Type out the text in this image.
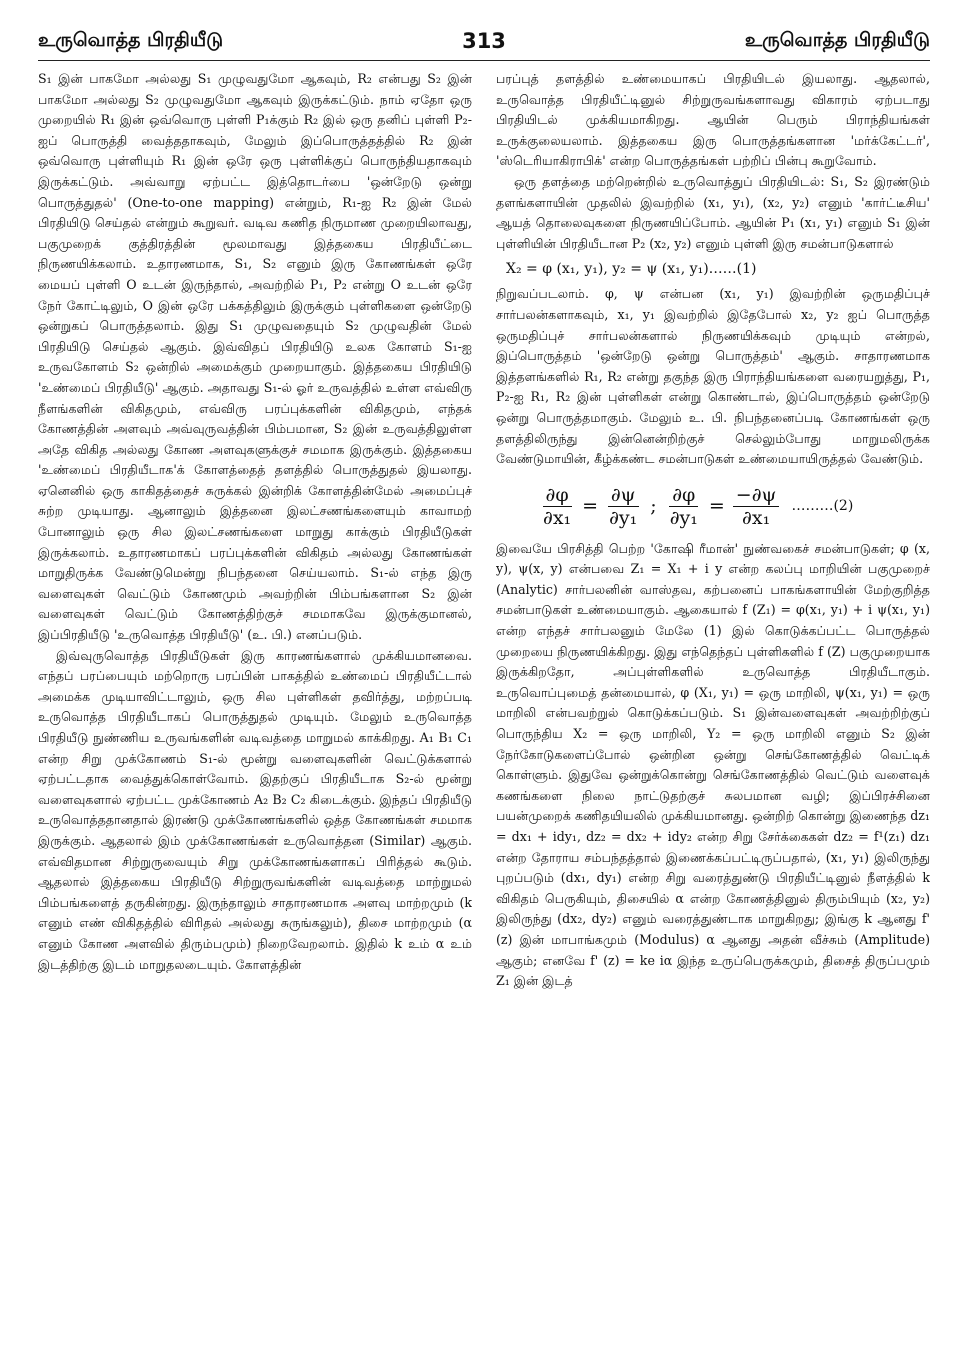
உருவொத்த பிரதியீடு	313	உருவொத்த பிரதியீடு

S₁ இன் பாகமோ அல்லது S₁ முழுவதுமோ ஆகவும், R₂ என்பது S₂ இன் பாகமோ அல்லது S₂ முழுவதுமோ ஆகவும் இருக்கட்டும். நாம் ஏதோ ஒரு முறையில் R₁ இன் ஒவ்வொரு புள்ளி P₁க்கும் R₂ இல் ஒரு தனிப் புள்ளி P₂-ஐப் பொருத்தி வைத்ததாகவும், மேலும் இப்பொருத்தத்தில் R₂ இன் ஒவ்வொரு புள்ளியும் R₁ இன் ஒரே ஒரு புள்ளிக்குப் பொருந்தியதாகவும் இருக்கட்டும். அவ்வாறு ஏற்பட்ட இத்தொடர்பை 'ஒன்றேடு ஒன்று பொருத்துதல்' (One-to-one mapping) என்றும், R₁-ஐ R₂ இன் மேல் பிரதியிடு செய்தல் என்றும் கூறுவர். வடிவ கணித நிருமாண முறையிலாவது, பகுமுறைக் குத்திரத்தின் மூலமாவது இத்தகைய பிரதியீட்டை நிருணயிக்கலாம். உதாரணமாக, S₁, S₂ எனும் இரு கோணங்கள் ஒரே மையப் புள்ளி O உடன் இருந்தால், அவற்றில் P₁, P₂ என்று O உடன் ஒரே நேர் கோட்டிலும், O இன் ஒரே பக்கத்திலும் இருக்கும் புள்ளிகளை ஒன்றேடு ஒன்றுகப் பொருத்தலாம். இது S₁ முழுவதையும் S₂ முழுவதின் மேல் பிரதியிடு செய்தல் ஆகும். இவ்விதப் பிரதியிடு உலக கோளம் S₁-ஐ உருவகோளம் S₂ ஒன்றில் அமைக்கும் முறையாகும். இத்தகைய பிரதியிடு 'உண்மைப் பிரதியீடு' ஆகும். அதாவது S₁-ல் ஓர் உருவத்தில் உள்ள எவ்விரு நீளங்களின் விகிதமும், எவ்விரு பரப்புக்களின் விகிதமும், எந்தக் கோணத்தின் அளவும் அவ்வுருவத்தின் பிம்பமான, S₂ இன் உருவத்திலுள்ள அதே விகித அல்லது கோண அளவுகளுக்குச் சமமாக இருக்கும். இத்தகைய 'உண்மைப் பிரதியீடாக'க் கோளத்தைத் தளத்தில் பொருத்துதல் இயலாது. ஏனெனில் ஒரு காகிதத்தைச் சுருக்கல் இன்றிக் கோளத்தின்மேல் அமைப்புச் சுற்ற முடியாது. ஆனாலும் இத்தனை இலட்சணங்களையும் காவாமற் போனாலும் ஒரு சில இலட்சணங்களை மாறுது காக்கும் பிரதியீடுகள் இருக்கலாம். உதாரணமாகப் பரப்புக்களின் விகிதம் அல்லது கோணங்கள் மாறுதிருக்க வேண்டுமென்று நிபந்தனை செய்யலாம். S₁-ல் எந்த இரு வளைவுகள் வெட்டும் கோணமும் அவற்றின் பிம்பங்களான S₂ இன் வளைவுகள் வெட்டும் கோணத்திற்குச் சமமாகவே இருக்குமானல், இப்பிரதியீடு 'உருவொத்த பிரதியீடு' (உ. பி.) எனப்படும்.

இவ்வுருவொத்த பிரதியீடுகள் இரு காரணங்களால் முக்கியமானவை. எந்தப் பரப்பையும் மற்றொரு பரப்பின் பாகத்தில் உண்மைப் பிரதியீட்டால் அமைக்க முடியாவிட்டாலும், ஒரு சில புள்ளிகள் தவிர்த்து, மற்றப்படி உருவொத்த பிரதியீடாகப் பொருத்துதல் முடியும். மேலும் உருவொத்த பிரதியீடு நுண்ணிய உருவங்களின் வடிவத்தை மாறுமல் காக்கிறது. A₁ B₁ C₁ என்ற சிறு முக்கோணம் S₁-ல் மூன்று வளைவுகளின் வெட்டுக்களால் ஏற்பட்டதாக வைத்துக்கொள்வோம். இதற்குப் பிரதியீடாக S₂-ல் மூன்று வளைவுகளால் ஏற்பட்ட முக்கோணம் A₂ B₂ C₂ கிடைக்கும். இந்தப் பிரதியீடு உருவொத்ததானதால் இரண்டு முக்கோணங்களில் ஒத்த கோணங்கள் சமமாக இருக்கும். ஆதலால் இம் முக்கோணங்கள் உருவொத்தன (Similar) ஆகும். எவ்விதமான சிற்றுருவையும் சிறு முக்கோணங்களாகப் பிரித்தல் கூடும். ஆதலால் இத்தகைய பிரதியீடு சிற்றுருவங்களின் வடிவத்தை மாற்றுமல் பிம்பங்களைத் தருகின்றது. இருந்தாலும் சாதாரணமாக அளவு மாற்றமும் (k எனும் எண் விகிதத்தில் விரிதல் அல்லது சுருங்கலும்), திசை மாற்றமும் (α எனும் கோண அளவில் திரும்பமும்) நிறைவேறலாம். இதில் k உம் α உம் இடத்திற்கு இடம் மாறுதலடையும். கோளத்தின்

பரப்புத் தளத்தில் உண்மையாகப் பிரதியிடல் இயலாது. ஆதலால், உருவொத்த பிரதியீட்டினுல் சிற்றுருவங்களாவது விகாரம் ஏற்படாது பிரதியிடல் முக்கியமாகிறது. ஆயின் பெரும் பிராந்தியங்கள் உருக்குலையலாம். இத்தகைய இரு பொருத்தங்களான 'மர்க்கேட்டர்', 'ஸ்டெரியாகிராபிக்' என்ற பொருத்தங்கள் பற்றிப் பின்பு கூறுவோம்.

ஒரு தளத்தை மற்றென்றில் உருவொத்துப் பிரதியிடல்: S₁, S₂ இரண்டும் தளங்களாயின் முதலில் இவற்றில் (x₁, y₁), (x₂, y₂) எனும் 'கார்ட்டீசிய' ஆயத் தொலைவுகளை நிருணயிப்போம். ஆயின் P₁ (x₁, y₁) எனும் S₁ இன் புள்ளியின் பிரதியீடான P₂ (x₂, y₂) எனும் புள்ளி இரு சமன்பாடுகளால்

X₂ = φ (x₁, y₁), y₂ = ψ (x₁, y₁)……(1)

நிறுவப்படலாம். φ, ψ என்பன (x₁, y₁) இவற்றின் ஒருமதிப்புச் சார்பலன்களாகவும், x₁, y₁ இவற்றில் இதேபோல் x₂, y₂ ஐப் பொருத்த ஒருமதிப்புச் சார்பலன்களால் நிருணயிக்கவும் முடியும் என்றல், இப்பொருத்தம் 'ஒன்றேடு ஒன்று பொருத்தம்' ஆகும். சாதாரணமாக இத்தளங்களில் R₁, R₂ என்று தகுந்த இரு பிராந்தியங்களை வரையறுத்து, P₁, P₂-ஐ R₁, R₂ இன் புள்ளிகள் என்று கொண்டால், இப்பொருத்தம் ஒன்றேடு ஒன்று பொருத்தமாகும். மேலும் உ. பி. நிபந்தனைப்படி கோணங்கள் ஒரு தளத்திலிருந்து இன்னென்றிற்குச் செல்லும்போது மாறுமலிருக்க வேண்டுமாயின், கீழ்க்கண்ட சமன்பாடுகள் உண்மையாயிருத்தல் வேண்டும்.

$\frac{\partial\varphi}{\text{∂x₁}} = \frac{\partial\psi}{\text{∂y₁}}$ ; $\frac{\partial\varphi}{\text{∂y₁}} = \frac{-\partial\psi}{\text{∂x₁}}$ ………(2)

இவையே பிரசித்தி பெற்ற 'கோஷி ரீமான்' நுண்வகைச் சமன்பாடுகள்; φ (x, y), ψ(x, y) என்பவை Z₁ = X₁ + i y என்ற கலப்பு மாறியின் பகுமுறைச் (Analytic) சார்பலனின் வாஸ்தவ, கற்பனைப் பாகங்களாயின் மேற்குறித்த சமன்பாடுகள் உண்மையாகும். ஆகையால் f (Z₁) = φ(x₁, y₁) + i ψ(x₁, y₁) என்ற எந்தச் சார்பலனும் மேலே (1) இல் கொடுக்கப்பட்ட பொருத்தல் முறையை நிருணயிக்கிறது. இது எந்தெந்தப் புள்ளிகளில் f (Z) பகுமுறையாக இருக்கிறதோ, அப்புள்ளிகளில் உருவொத்த பிரதியீடாகும். உருவொப்புமைத் தன்மையால், φ (X₁, y₁) = ஒரு மாறிலி, ψ(x₁, y₁) = ஒரு மாறிலி என்பவற்றுல் கொடுக்கப்படும். S₁ இன்வளைவுகள் அவற்றிற்குப் பொருந்திய X₂ = ஒரு மாறிலி, Y₂ = ஒரு மாறிலி எனும் S₂ இன் நேர்கோடுகளைப்போல் ஒன்றின ஒன்று செங்கோணத்தில் வெட்டிக் கொள்ளும். இதுவே ஒன்றுக்கொன்று செங்கோணத்தில் வெட்டும் வளைவுக் கணங்களை நிலை நாட்டுதற்குச் சுலபமான வழி; இப்பிரச்சினை பயன்முறைக் கணிதயியலில் முக்கியமானது. ஒன்றிற் கொன்று இணைந்த dz₁ = dx₁ + idy₁, dz₂ = dx₂ + idy₂ என்ற சிறு சேர்க்கைகள் dz₂ = f¹(z₁) dz₁ என்ற தோராய சம்பந்தத்தால் இணைக்கப்பட்டிருப்பதால், (x₁, y₁) இலிருந்து புறப்படும் (dx₁, dy₁) என்ற சிறு வரைத்துண்டு பிரதியீட்டினுல் நீளத்தில் k விகிதம் பெருகியும், திசையில் α என்ற கோணத்தினுல் திரும்பியும் (x₂, y₂) இலிருந்து (dx₂, dy₂) எனும் வரைத்துண்டாக மாறுகிறது; இங்கு k ஆனது f' (z) இன் மாபாங்கமும் (Modulus) α ஆனது அதன் வீச்சும் (Amplitude) ஆகும்; எனவே f' (z) = ke iα இந்த உருப்பெருக்கமும், திசைத் திருப்பமும் Z₁ இன் இடத்
